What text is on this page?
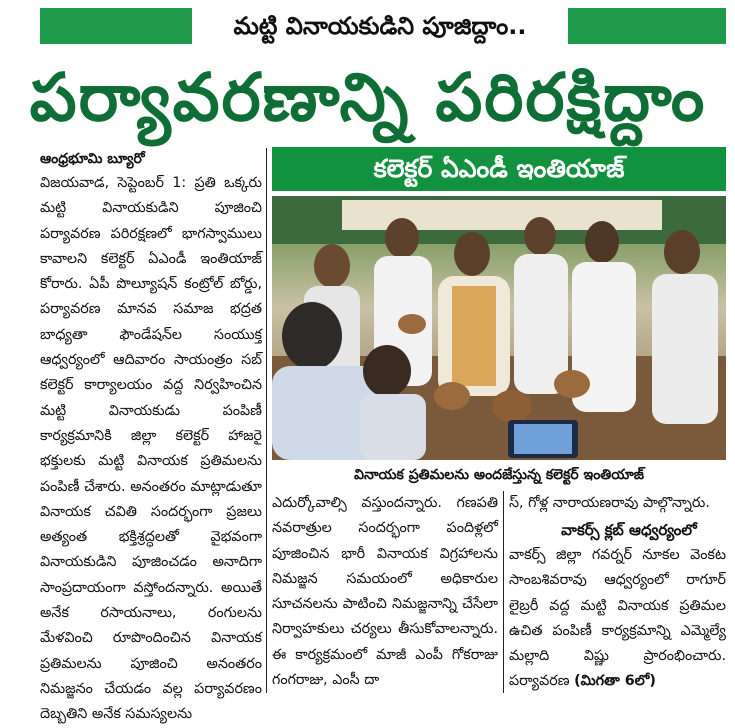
మట్టి వినాయకుడిని పూజిద్దాం..
పర్యావరణాన్ని పరిరక్షిద్దాం
ఆంధ్రభూమి బ్యూరో

విజయవాడ, సెప్టెంబర్ 1: ప్రతి ఒక్కరు మట్టి వినాయకుడిని పూజించి పర్యావరణ పరిరక్షణలో భాగస్వాములు కావాలని కలెక్టర్ ఏఎండీ ఇంతియాజ్ కోరారు. ఏపీ పొల్యూషన్ కంట్రోల్ బోర్డు, పర్యావరణ మానవ సమాజ భద్రత బాధ్యతా ఫౌండేషన్‌ల సంయుక్త ఆధ్వర్యంలో ఆదివారం సాయంత్రం సబ్ కలెక్టర్ కార్యాలయం వద్ద నిర్వహించిన మట్టి వినాయకుడు పంపిణీ కార్యక్రమానికి జిల్లా కలెక్టర్ హాజరై భక్తులకు మట్టి వినాయక ప్రతిమలను పంపిణీ చేశారు. అనంతరం మాట్లాడుతూ వినాయక చవితి సందర్భంగా ప్రజలు అత్యంత భక్తిశ్రద్ధలతో వైభవంగా వినాయకుడిని పూజించడం అనాదిగా సాంప్రదాయంగా వస్తోందన్నారు. అయితే అనేక రసాయనాలు, రంగులను మేళవించి రూపొందించిన వినాయక ప్రతిమలను పూజించి అనంతరం నిమజ్జనం చేయడం వల్ల పర్యావరణం దెబ్బతిని అనేక సమస్యలను

కలెక్టర్ ఏఎండీ ఇంతియాజ్
వినాయక ప్రతిమలను అందజేస్తున్న కలెక్టర్ ఇంతియాజ్

ఎదుర్కోవాల్సి వస్తుందన్నారు. గణపతి నవరాత్రుల సందర్భంగా పందిళ్లలో పూజించిన భారీ వినాయక విగ్రహాలను నిమజ్జన సమయంలో అధికారుల సూచనలను పాటించి నిమజ్జనాన్ని చేసేలా నిర్వాహకులు చర్యలు తీసుకోవాలన్నారు. ఈ కార్యక్రమంలో మాజీ ఎంపీ గోకరాజు గంగరాజు, ఎంసీ దా

స్, గోళ్ల నారాయణరావు పాల్గొన్నారు.

వాకర్స్ క్లబ్ ఆధ్వర్యంలో

వాకర్స్ జిల్లా గవర్నర్ నూకల వెంకట సాంబశివరావు ఆధ్వర్యంలో రాగూర్ లైబ్రరీ వద్ద మట్టి వినాయక ప్రతిమల ఉచిత పంపిణీ కార్యక్రమాన్ని ఎమ్మెల్యే మల్లాది విష్ణు ప్రారంభించారు. పర్యావరణ (మిగతా 6లో)
